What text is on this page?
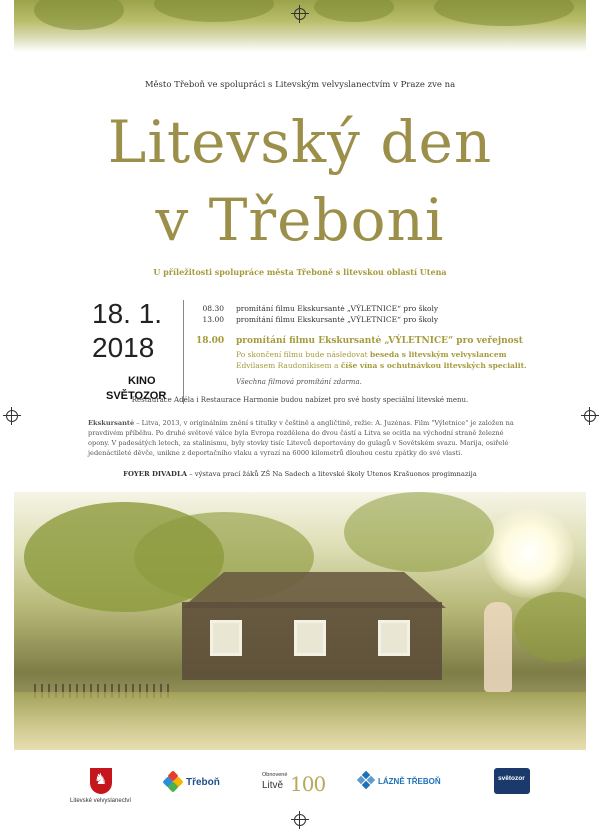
Město Třeboň ve spolupráci s Litevským velvyslanectvím v Praze zve na
Litevský den
v Třeboni
U příležitosti spolupráce města Třeboně s litevskou oblastí Utena
18. 1.
2018
KINO
SVĚTOZOR
08.30 promítání filmu Ekskursantė „VÝLETNICE“ pro školy
13.00 promítání filmu Ekskursantė „VÝLETNICE“ pro školy
18.00 promítání filmu Ekskursantė „VÝLETNICE“ pro veřejnost
Po skončení filmu bude následovat beseda s litevským velvyslancem
Edvilasem Raudonikisem a číše vína s ochutnávkou litevských specialit.
Všechna filmová promítání zdarma.
Restaurace Adéla i Restaurace Harmonie budou nabízet pro své hosty speciální litevské menu.
Ekskursantė – Litva, 2013, v originálním znění s titulky v češtině a angličtině, režie: A. Juzėnas. Film "Výletnice" je založen na pravdivém příběhu. Po druhé světové válce byla Evropa rozdělena do dvou částí a Litva se ocitla na východní straně železné opony. V padesátých letech, za stalinismu, byly stovky tisíc Litevců deportovány do gulagů v Sovětském svazu. Marija, osiřelé jedenáctileté děvče, unikne z deportačního vlaku a vyrazí na 6000 kilometrů dlouhou cestu zpátky do své vlasti.
FOYER DIVADLA – výstava prací žáků ZŠ Na Sadech a litevské školy Utenos Krašuonos progimnazija
♞
Litevské velvyslanectví
Třeboň
Obnovené
Litvě 100	LÁZNĚ TŘEBOŇ	světozor
